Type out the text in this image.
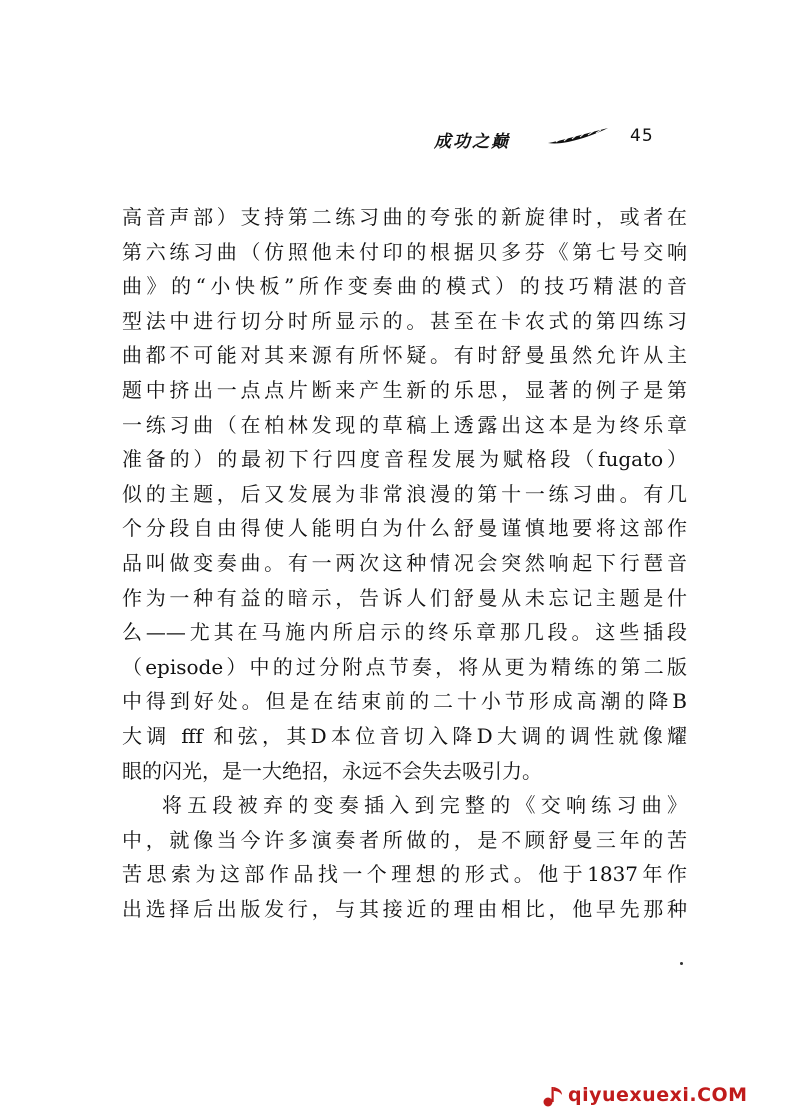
成功之巅	45
高音声部）支持第二练习曲的夸张的新旋律时，或者在
第六练习曲（仿照他未付印的根据贝多芬《第七号交响
曲》的“小快板”所作变奏曲的模式）的技巧精湛的音
型法中进行切分时所显示的。甚至在卡农式的第四练习
曲都不可能对其来源有所怀疑。有时舒曼虽然允许从主
题中挤出一点点片断来产生新的乐思，显著的例子是第
一练习曲（在柏林发现的草稿上透露出这本是为终乐章
准备的）的最初下行四度音程发展为赋格段（fugato）
似的主题，后又发展为非常浪漫的第十一练习曲。有几
个分段自由得使人能明白为什么舒曼谨慎地要将这部作
品叫做变奏曲。有一两次这种情况会突然响起下行琶音
作为一种有益的暗示，告诉人们舒曼从未忘记主题是什
么——尤其在马施内所启示的终乐章那几段。这些插段
（episode）中的过分附点节奏，将从更为精练的第二版
中得到好处。但是在结束前的二十小节形成高潮的降B
大调 fff 和弦，其D本位音切入降D大调的调性就像耀
眼的闪光，是一大绝招，永远不会失去吸引力。
将五段被弃的变奏插入到完整的《交响练习曲》
中，就像当今许多演奏者所做的，是不顾舒曼三年的苦
苦思索为这部作品找一个理想的形式。他于1837年作
出选择后出版发行，与其接近的理由相比，他早先那种
qiyuexuexi.COM
